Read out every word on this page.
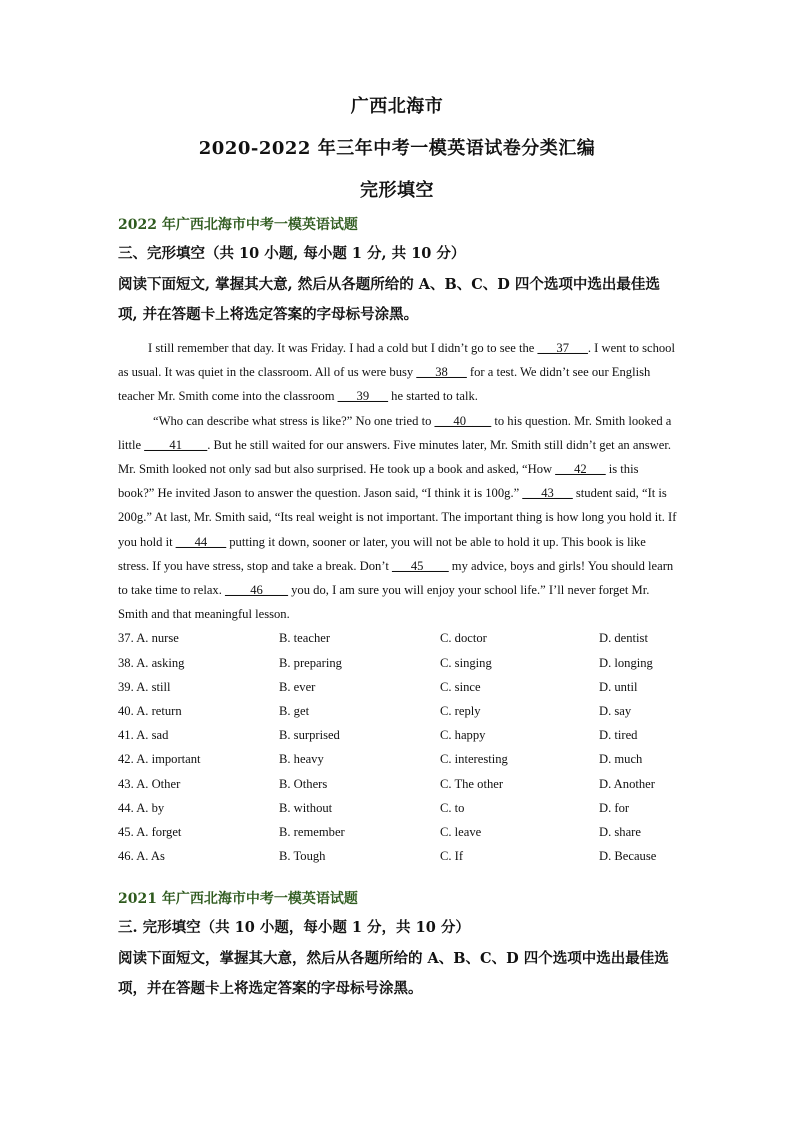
广西北海市
2020-2022 年三年中考一模英语试卷分类汇编
完形填空
2022 年广西北海市中考一模英语试题
三、完形填空（共 10 小题, 每小题 1 分, 共 10 分）
阅读下面短文, 掌握其大意, 然后从各题所给的 A、B、C、D 四个选项中选出最佳选项, 并在答题卡上将选定答案的字母标号涂黑。

I still remember that day. It was Friday. I had a cold but I didn’t go to see the ___37___. I went to school as usual. It was quiet in the classroom. All of us were busy ___38___ for a test. We didn’t see our English teacher Mr. Smith come into the classroom ___39___ he started to talk.

“Who can describe what stress is like?” No one tried to ___40____ to his question. Mr. Smith looked a little ____41____. But he still waited for our answers. Five minutes later, Mr. Smith still didn’t get an answer. Mr. Smith looked not only sad but also surprised. He took up a book and asked, “How ___42___ is this book?” He invited Jason to answer the question. Jason said, “I think it is 100g.” ___43___ student said, “It is 200g.” At last, Mr. Smith said, “Its real weight is not important. The important thing is how long you hold it. If you hold it ___44___ putting it down, sooner or later, you will not be able to hold it up. This book is like stress. If you have stress, stop and take a break. Don’t ___45____ my advice, boys and girls! You should learn to take time to relax. ____46____ you do, I am sure you will enjoy your school life.” I’ll never forget Mr. Smith and that meaningful lesson.

37. A. nurse	B. teacher	C. doctor	D. dentist
38. A. asking	B. preparing	C. singing	D. longing
39. A. still	B. ever	C. since	D. until
40. A. return	B. get	C. reply	D. say
41. A. sad	B. surprised	C. happy	D. tired
42. A. important	B. heavy	C. interesting	D. much
43. A. Other	B. Others	C. The other	D. Another
44. A. by	B. without	C. to	D. for
45. A. forget	B. remember	C. leave	D. share
46. A. As	B. Tough	C. If	D. Because
2021 年广西北海市中考一模英语试题
三. 完形填空（共 10 小题，每小题 1 分，共 10 分）
阅读下面短文，掌握其大意，然后从各题所给的 A、B、C、D 四个选项中选出最佳选项，并在答题卡上将选定答案的字母标号涂黑。
